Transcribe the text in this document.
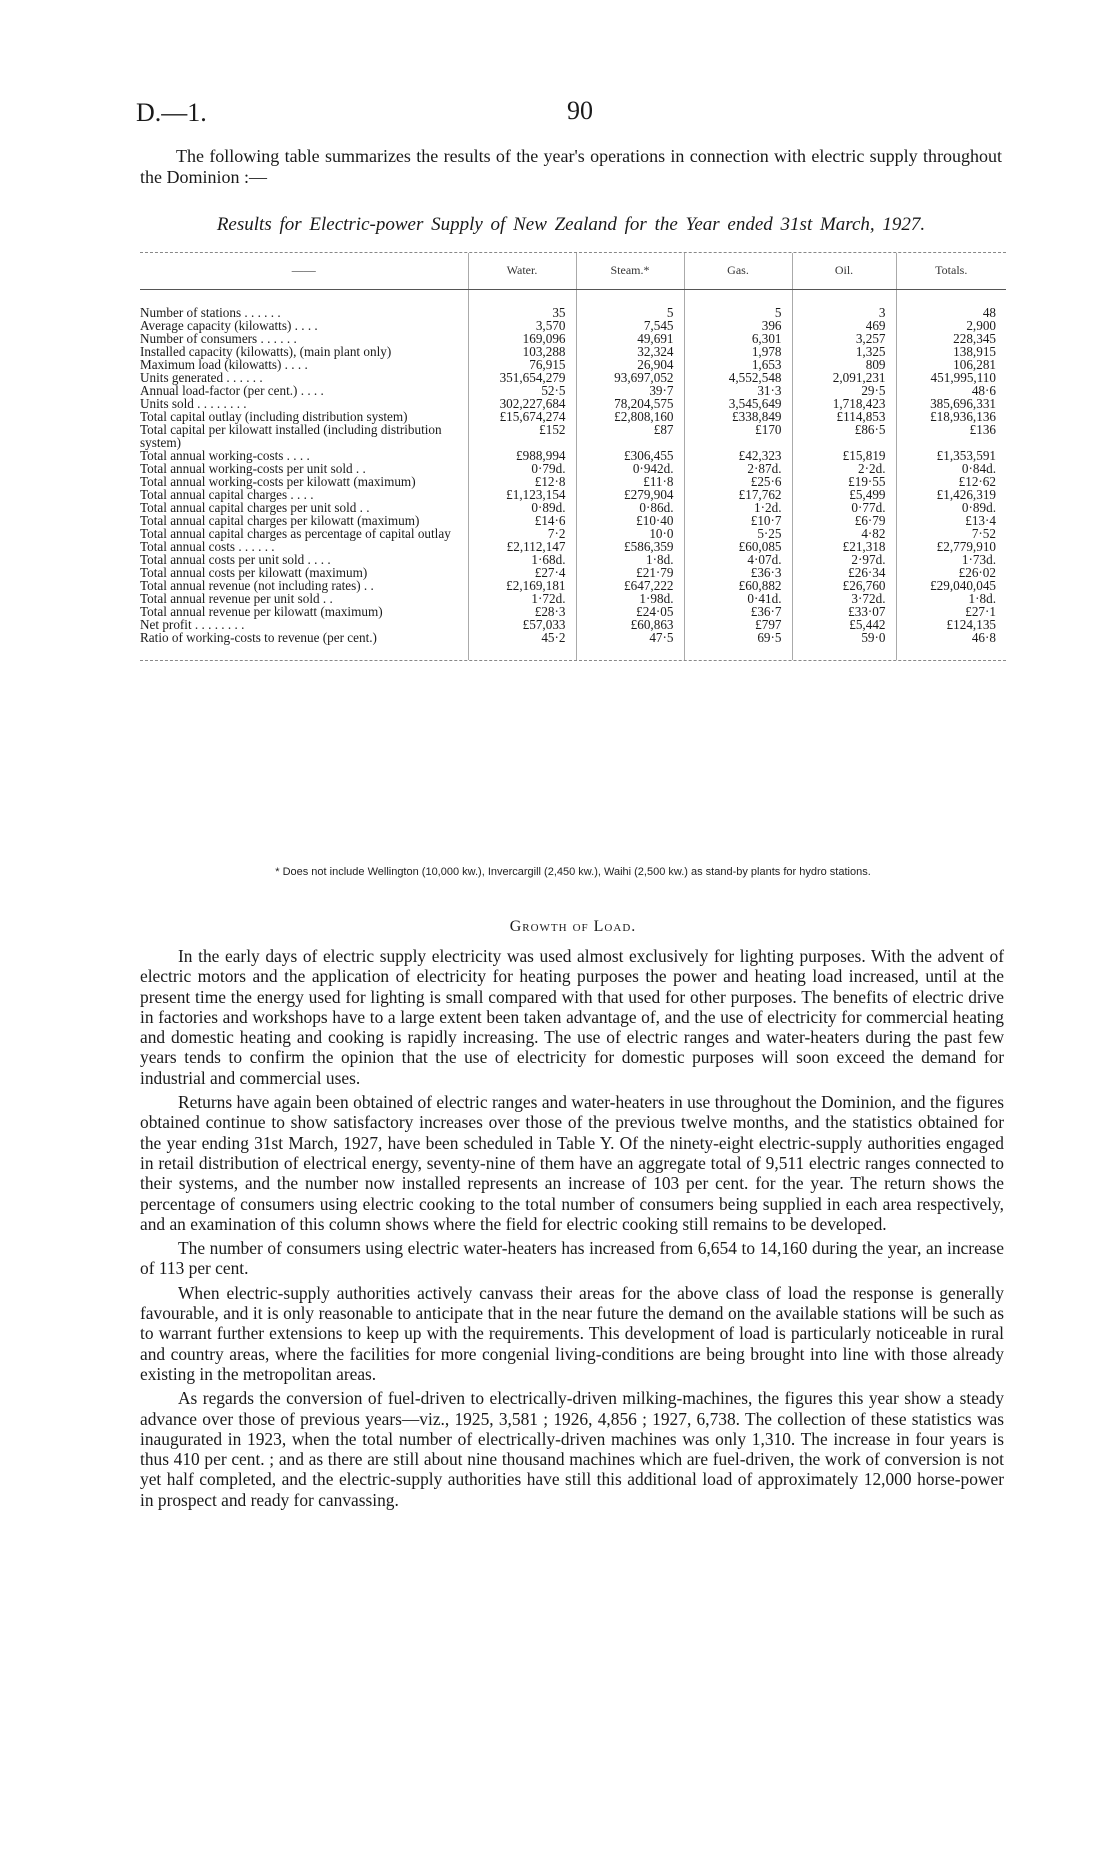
D.—1.	90
The following table summarizes the results of the year's operations in connection with electric supply throughout the Dominion :—
Results for Electric-power Supply of New Zealand for the Year ended 31st March, 1927.
——	Water.	Steam.*	Gas.	Oil.	Totals.

Number of stations . . . . . .	35	5	5	3	48
Average capacity (kilowatts) . . . .	3,570	7,545	396	469	2,900
Number of consumers . . . . . .	169,096	49,691	6,301	3,257	228,345
Installed capacity (kilowatts), (main plant only)	103,288	32,324	1,978	1,325	138,915
Maximum load (kilowatts) . . . .	76,915	26,904	1,653	809	106,281
Units generated . . . . . .	351,654,279	93,697,052	4,552,548	2,091,231	451,995,110
Annual load-factor (per cent.) . . . .	52·5	39·7	31·3	29·5	48·6
Units sold . . . . . . . .	302,227,684	78,204,575	3,545,649	1,718,423	385,696,331
Total capital outlay (including distribution system)	£15,674,274	£2,808,160	£338,849	£114,853	£18,936,136
Total capital per kilowatt installed (including distribution system)	£152	£87	£170	£86·5	£136
Total annual working-costs . . . .	£988,994	£306,455	£42,323	£15,819	£1,353,591
Total annual working-costs per unit sold . .	0·79d.	0·942d.	2·87d.	2·2d.	0·84d.
Total annual working-costs per kilowatt (maximum)	£12·8	£11·8	£25·6	£19·55	£12·62
Total annual capital charges . . . .	£1,123,154	£279,904	£17,762	£5,499	£1,426,319
Total annual capital charges per unit sold . .	0·89d.	0·86d.	1·2d.	0·77d.	0·89d.
Total annual capital charges per kilowatt (maximum)	£14·6	£10·40	£10·7	£6·79	£13·4
Total annual capital charges as percentage of capital outlay	7·2	10·0	5·25	4·82	7·52
Total annual costs . . . . . .	£2,112,147	£586,359	£60,085	£21,318	£2,779,910
Total annual costs per unit sold . . . .	1·68d.	1·8d.	4·07d.	2·97d.	1·73d.
Total annual costs per kilowatt (maximum)	£27·4	£21·79	£36·3	£26·34	£26·02
Total annual revenue (not including rates) . .	£2,169,181	£647,222	£60,882	£26,760	£29,040,045
Total annual revenue per unit sold . .	1·72d.	1·98d.	0·41d.	3·72d.	1·8d.
Total annual revenue per kilowatt (maximum)	£28·3	£24·05	£36·7	£33·07	£27·1
Net profit . . . . . . . .	£57,033	£60,863	£797	£5,442	£124,135
Ratio of working-costs to revenue (per cent.)	45·2	47·5	69·5	59·0	46·8

* Does not include Wellington (10,000 kw.), Invercargill (2,450 kw.), Waihi (2,500 kw.) as stand-by plants for hydro stations.
Growth of Load.

In the early days of electric supply electricity was used almost exclusively for lighting purposes. With the advent of electric motors and the application of electricity for heating purposes the power and heating load increased, until at the present time the energy used for lighting is small compared with that used for other purposes. The benefits of electric drive in factories and workshops have to a large extent been taken advantage of, and the use of electricity for commercial heating and domestic heating and cooking is rapidly increasing. The use of electric ranges and water-heaters during the past few years tends to confirm the opinion that the use of electricity for domestic purposes will soon exceed the demand for industrial and commercial uses.

Returns have again been obtained of electric ranges and water-heaters in use throughout the Dominion, and the figures obtained continue to show satisfactory increases over those of the previous twelve months, and the statistics obtained for the year ending 31st March, 1927, have been scheduled in Table Y. Of the ninety-eight electric-supply authorities engaged in retail distribution of electrical energy, seventy-nine of them have an aggregate total of 9,511 electric ranges connected to their systems, and the number now installed represents an increase of 103 per cent. for the year. The return shows the percentage of consumers using electric cooking to the total number of consumers being supplied in each area respectively, and an examination of this column shows where the field for electric cooking still remains to be developed.

The number of consumers using electric water-heaters has increased from 6,654 to 14,160 during the year, an increase of 113 per cent.

When electric-supply authorities actively canvass their areas for the above class of load the response is generally favourable, and it is only reasonable to anticipate that in the near future the demand on the available stations will be such as to warrant further extensions to keep up with the requirements. This development of load is particularly noticeable in rural and country areas, where the facilities for more congenial living-conditions are being brought into line with those already existing in the metropolitan areas.

As regards the conversion of fuel-driven to electrically-driven milking-machines, the figures this year show a steady advance over those of previous years—viz., 1925, 3,581 ; 1926, 4,856 ; 1927, 6,738. The collection of these statistics was inaugurated in 1923, when the total number of electrically-driven machines was only 1,310. The increase in four years is thus 410 per cent. ; and as there are still about nine thousand machines which are fuel-driven, the work of conversion is not yet half completed, and the electric-supply authorities have still this additional load of approximately 12,000 horse-power in prospect and ready for canvassing.
